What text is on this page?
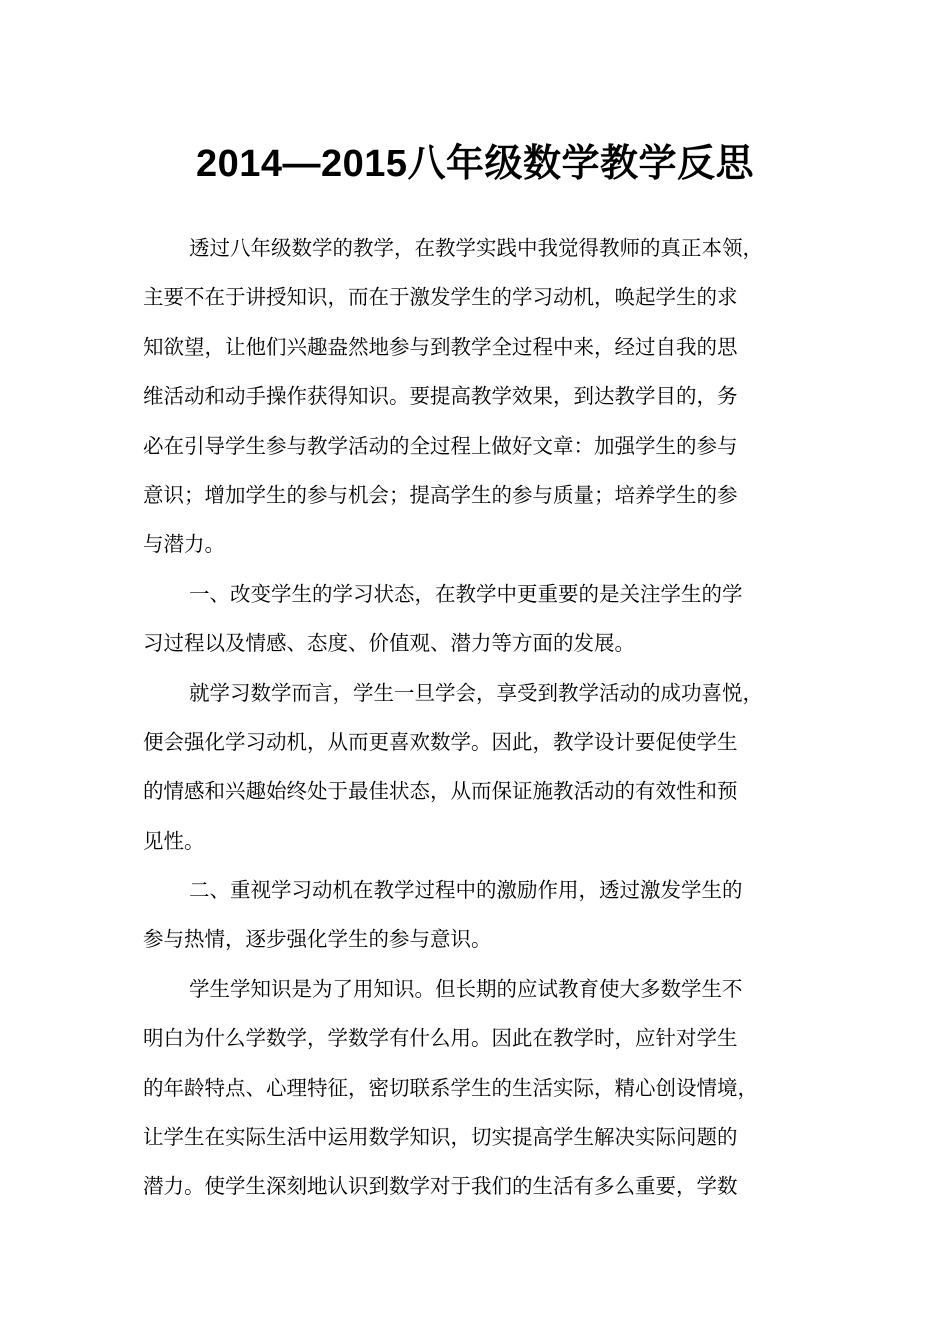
2014—2015八年级数学教学反思
透过八年级数学的教学，在教学实践中我觉得教师的真正本领，
主要不在于讲授知识，而在于激发学生的学习动机，唤起学生的求
知欲望，让他们兴趣盎然地参与到教学全过程中来，经过自我的思
维活动和动手操作获得知识。要提高教学效果，到达教学目的，务
必在引导学生参与教学活动的全过程上做好文章：加强学生的参与
意识；增加学生的参与机会；提高学生的参与质量；培养学生的参
与潜力。
一、改变学生的学习状态，在教学中更重要的是关注学生的学
习过程以及情感、态度、价值观、潜力等方面的发展。
就学习数学而言，学生一旦学会，享受到教学活动的成功喜悦，
便会强化学习动机，从而更喜欢数学。因此，教学设计要促使学生
的情感和兴趣始终处于最佳状态，从而保证施教活动的有效性和预
见性。
二、重视学习动机在教学过程中的激励作用，透过激发学生的
参与热情，逐步强化学生的参与意识。
学生学知识是为了用知识。但长期的应试教育使大多数学生不
明白为什么学数学，学数学有什么用。因此在教学时，应针对学生
的年龄特点、心理特征，密切联系学生的生活实际，精心创设情境，
让学生在实际生活中运用数学知识，切实提高学生解决实际问题的
潜力。使学生深刻地认识到数学对于我们的生活有多么重要，学数
